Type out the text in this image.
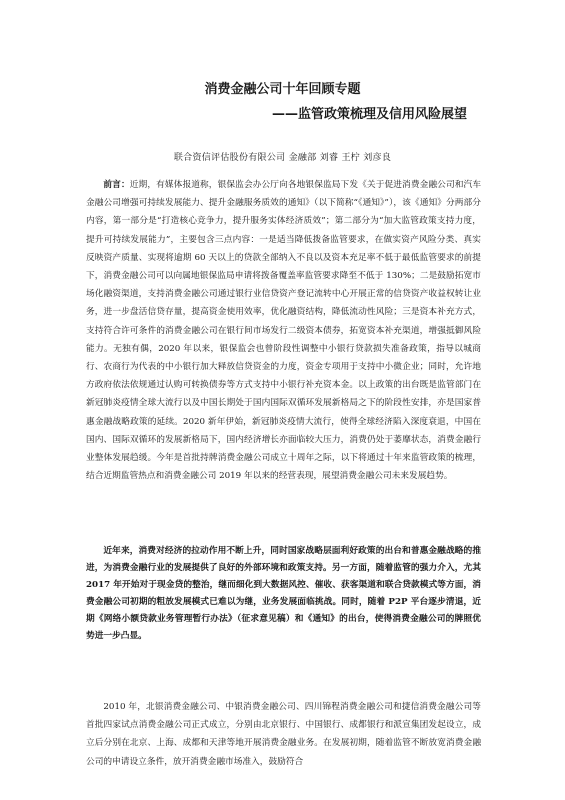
消费金融公司十年回顾专题
——监管政策梳理及信用风险展望
联合资信评估股份有限公司 金融部 刘睿 王柠 刘彦良

前言：近期，有媒体报道称，银保监会办公厅向各地银保监局下发《关于促进消费金融公司和汽车金融公司增强可持续发展能力、提升金融服务质效的通知》（以下简称“《通知》”），该《通知》分两部分内容，第一部分是“打造核心竞争力，提升服务实体经济质效”；第二部分为“加大监管政策支持力度，提升可持续发展能力”，主要包含三点内容：一是适当降低拨备监管要求，在做实资产风险分类、真实反映资产质量、实现将逾期 60 天以上的贷款全部纳入不良以及资本充足率不低于最低监管要求的前提下，消费金融公司可以向属地银保监局申请将拨备覆盖率监管要求降至不低于 130%；二是鼓励拓宽市场化融资渠道，支持消费金融公司通过银行业信贷资产登记流转中心开展正常的信贷资产收益权转让业务，进一步盘活信贷存量，提高资金使用效率，优化融资结构，降低流动性风险；三是资本补充方式，支持符合许可条件的消费金融公司在银行间市场发行二级资本债券，拓宽资本补充渠道，增强抵御风险能力。无独有偶，2020 年以来，银保监会也曾阶段性调整中小银行贷款损失准备政策，指导以城商行、农商行为代表的中小银行加大释放信贷资金的力度，资金专项用于支持中小微企业；同时，允许地方政府依法依规通过认购可转换债券等方式支持中小银行补充资本金。以上政策的出台既是监管部门在新冠肺炎疫情全球大流行以及中国长期处于国内国际双循环发展新格局之下的阶段性安排，亦是国家普惠金融战略政策的延续。2020 新年伊始，新冠肺炎疫情大流行，使得全球经济陷入深度衰退，中国在国内、国际双循环的发展新格局下，国内经济增长亦面临较大压力，消费仍处于萎靡状态，消费金融行业整体发展趋缓。今年是首批持牌消费金融公司成立十周年之际，以下将通过十年来监管政策的梳理，结合近期监管热点和消费金融公司 2019 年以来的经营表现，展望消费金融公司未来发展趋势。

近年来，消费对经济的拉动作用不断上升，同时国家战略层面利好政策的出台和普惠金融战略的推进，为消费金融行业的发展提供了良好的外部环境和政策支持。另一方面，随着监管的强力介入，尤其 2017 年开始对于现金贷的整治，继而细化到大数据风控、催收、获客渠道和联合贷款模式等方面，消费金融公司初期的粗放发展模式已难以为继，业务发展面临挑战。同时，随着 P2P 平台逐步清退，近期《网络小额贷款业务管理暂行办法》（征求意见稿）和《通知》的出台，使得消费金融公司的牌照优势进一步凸显。

2010 年，北银消费金融公司、中银消费金融公司、四川锦程消费金融公司和捷信消费金融公司等首批四家试点消费金融公司正式成立，分别由北京银行、中国银行、成都银行和派宣集团发起设立，成立后分别在北京、上海、成都和天津等地开展消费金融业务。在发展初期，随着监管不断放宽消费金融公司的申请设立条件，放开消费金融市场准入，鼓励符合
